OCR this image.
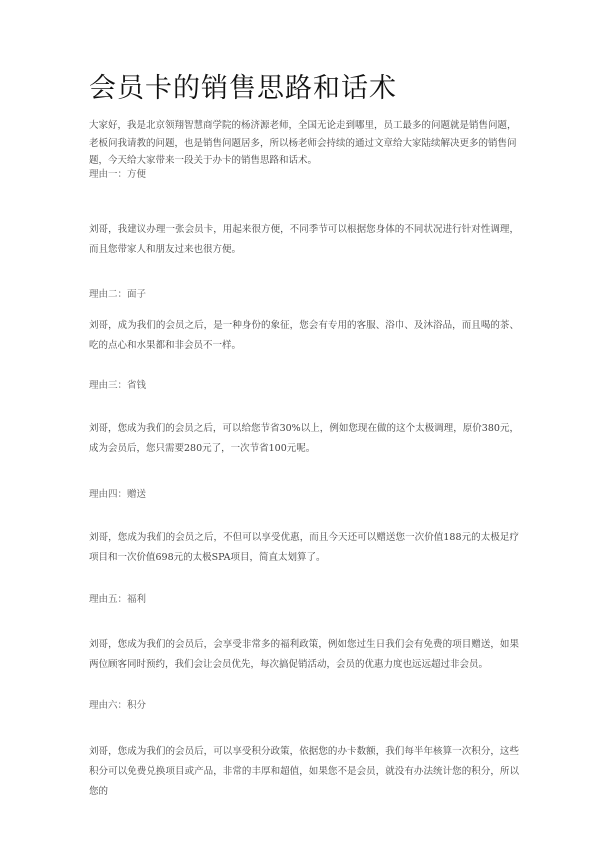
会员卡的销售思路和话术
大家好，我是北京领翔智慧商学院的杨济源老师，全国无论走到哪里，员工最多的问题就是销售问题，老板问我请教的问题，也是销售问题居多，所以杨老师会持续的通过文章给大家陆续解决更多的销售问题，今天给大家带来一段关于办卡的销售思路和话术。
理由一：方便
刘哥，我建议办理一张会员卡，用起来很方便，不同季节可以根据您身体的不同状况进行针对性调理，而且您带家人和朋友过来也很方便。
理由二：面子
刘哥，成为我们的会员之后，是一种身份的象征，您会有专用的客服、浴巾、及沐浴品，而且喝的茶、吃的点心和水果都和非会员不一样。
理由三：省钱
刘哥，您成为我们的会员之后，可以给您节省30%以上，例如您现在做的这个太极调理，原价380元，成为会员后，您只需要280元了，一次节省100元呢。
理由四：赠送
刘哥，您成为我们的会员之后，不但可以享受优惠，而且今天还可以赠送您一次价值188元的太极足疗项目和一次价值698元的太极SPA项目，简直太划算了。
理由五：福利
刘哥，您成为我们的会员后，会享受非常多的福利政策，例如您过生日我们会有免费的项目赠送，如果两位顾客同时预约，我们会让会员优先，每次搞促销活动，会员的优惠力度也远远超过非会员。
理由六：积分
刘哥，您成为我们的会员后，可以享受积分政策，依据您的办卡数额，我们每半年核算一次积分，这些积分可以免费兑换项目或产品，非常的丰厚和超值，如果您不是会员，就没有办法统计您的积分，所以您的
